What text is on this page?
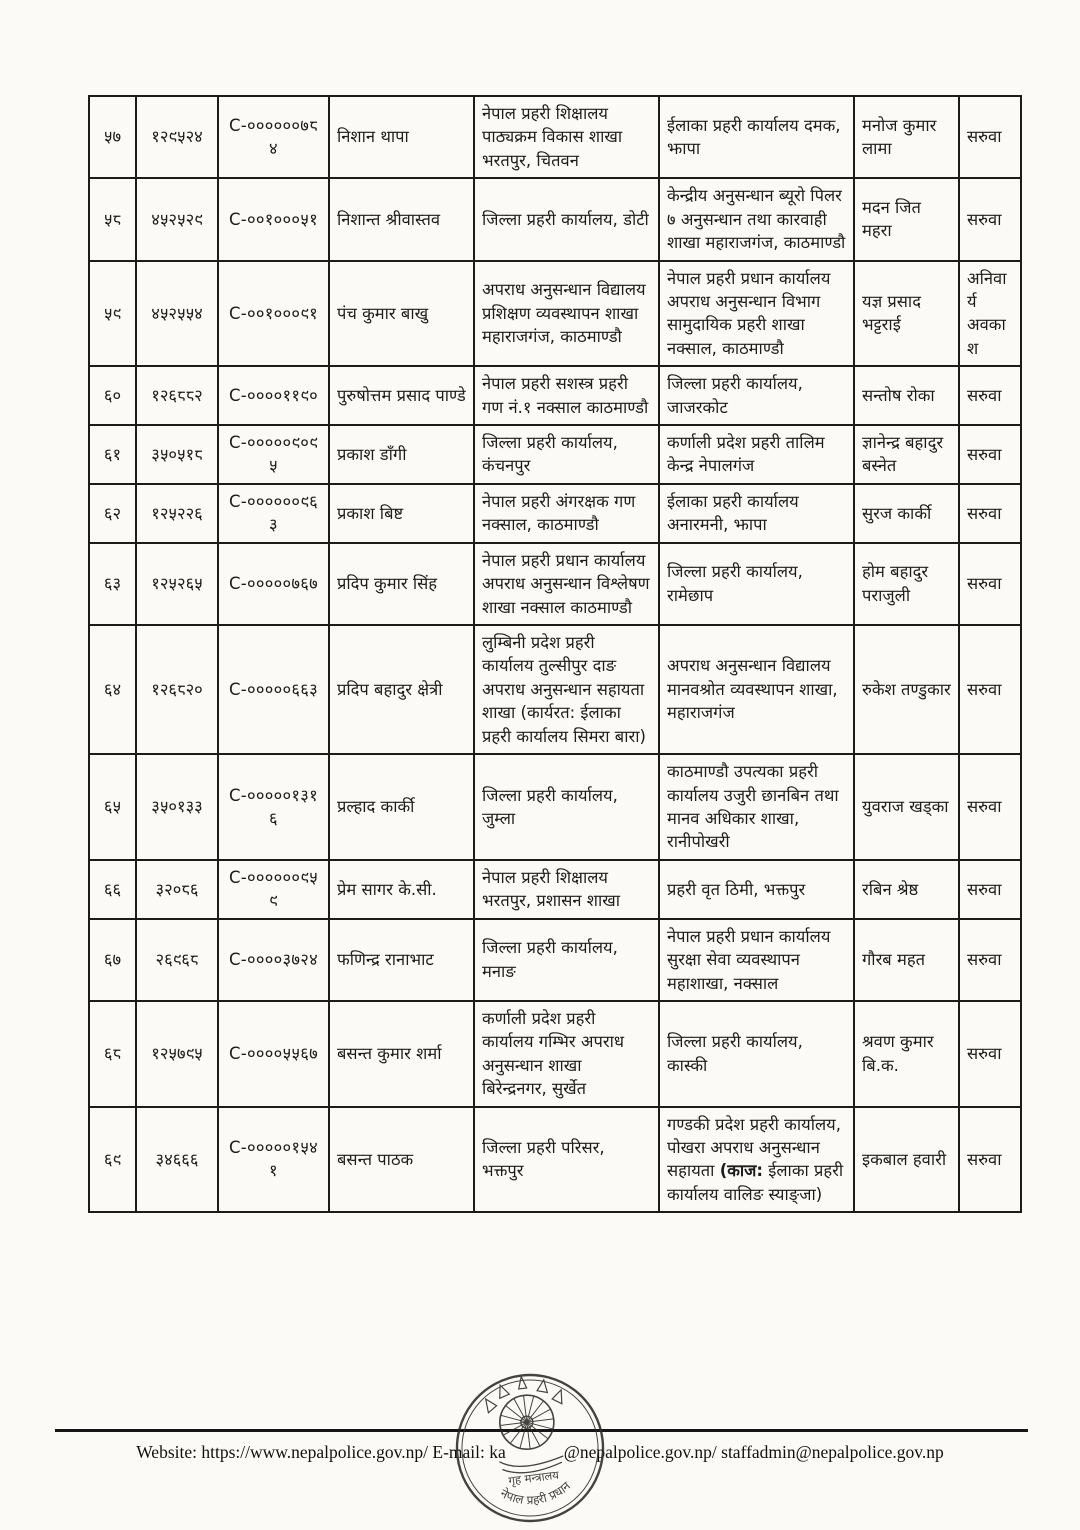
५७	१२९५२४	C-००००००७८४	निशान थापा	नेपाल प्रहरी शिक्षालय पाठ्यक्रम विकास शाखा भरतपुर, चितवन	ईलाका प्रहरी कार्यालय दमक, झापा	मनोज कुमार लामा	सरुवा
५८	४५२५२९	C-००१०००५१	निशान्त श्रीवास्तव	जिल्ला प्रहरी कार्यालय, डोटी	केन्द्रीय अनुसन्धान ब्यूरो पिलर ७ अनुसन्धान तथा कारवाही शाखा महाराजगंज, काठमाण्डौ	मदन जित महरा	सरुवा
५९	४५२५५४	C-००१०००९१	पंच कुमार बाखु	अपराध अनुसन्धान विद्यालय प्रशिक्षण व्यवस्थापन शाखा महाराजगंज, काठमाण्डौ	नेपाल प्रहरी प्रधान कार्यालय अपराध अनुसन्धान विभाग सामुदायिक प्रहरी शाखा नक्साल, काठमाण्डौ	यज्ञ प्रसाद भट्टराई	अनिवार्य अवकाश
६०	१२६८८२	C-००००११९०	पुरुषोत्तम प्रसाद पाण्डे	नेपाल प्रहरी सशस्त्र प्रहरी गण नं.१ नक्साल काठमाण्डौ	जिल्ला प्रहरी कार्यालय, जाजरकोट	सन्तोष रोका	सरुवा
६१	३५०५१८	C-०००००९०९५	प्रकाश डाँगी	जिल्ला प्रहरी कार्यालय, कंचनपुर	कर्णाली प्रदेश प्रहरी तालिम केन्द्र नेपालगंज	ज्ञानेन्द्र बहादुर बस्नेत	सरुवा
६२	१२५२२६	C-००००००९६३	प्रकाश बिष्ट	नेपाल प्रहरी अंगरक्षक गण नक्साल, काठमाण्डौ	ईलाका प्रहरी कार्यालय अनारमनी, झापा	सुरज कार्की	सरुवा
६३	१२५२६५	C-०००००७६७	प्रदिप कुमार सिंह	नेपाल प्रहरी प्रधान कार्यालय अपराध अनुसन्धान विश्लेषण शाखा नक्साल काठमाण्डौ	जिल्ला प्रहरी कार्यालय, रामेछाप	होम बहादुर पराजुली	सरुवा
६४	१२६८२०	C-०००००६६३	प्रदिप बहादुर क्षेत्री	लुम्बिनी प्रदेश प्रहरी कार्यालय तुल्सीपुर दाङ अपराध अनुसन्धान सहायता शाखा (कार्यरत: ईलाका प्रहरी कार्यालय सिमरा बारा)	अपराध अनुसन्धान विद्यालय मानवश्रोत व्यवस्थापन शाखा, महाराजगंज	रुकेश तण्डुकार	सरुवा
६५	३५०१३३	C-०००००१३१६	प्रल्हाद कार्की	जिल्ला प्रहरी कार्यालय, जुम्ला	काठमाण्डौ उपत्यका प्रहरी कार्यालय उजुरी छानबिन तथा मानव अधिकार शाखा, रानीपोखरी	युवराज खड्का	सरुवा
६६	३२०८६	C-००००००९५९	प्रेम सागर के.सी.	नेपाल प्रहरी शिक्षालय भरतपुर, प्रशासन शाखा	प्रहरी वृत ठिमी, भक्तपुर	रबिन श्रेष्ठ	सरुवा
६७	२६९६८	C-००००३७२४	फणिन्द्र रानाभाट	जिल्ला प्रहरी कार्यालय, मनाङ	नेपाल प्रहरी प्रधान कार्यालय सुरक्षा सेवा व्यवस्थापन महाशाखा, नक्साल	गौरब महत	सरुवा
६८	१२५७९५	C-००००५५६७	बसन्त कुमार शर्मा	कर्णाली प्रदेश प्रहरी कार्यालय गम्भिर अपराध अनुसन्धान शाखा बिरेन्द्रनगर, सुर्खेत	जिल्ला प्रहरी कार्यालय, कास्की	श्रवण कुमार बि.क.	सरुवा
६९	३४६६६	C-०००००१५४१	बसन्त पाठक	जिल्ला प्रहरी परिसर, भक्तपुर	गण्डकी प्रदेश प्रहरी कार्यालय, पोखरा अपराध अनुसन्धान सहायता (काज: ईलाका प्रहरी कार्यालय वालिङ स्याङ्जा)	इकबाल हवारी	सरुवा
Website: https://www.nepalpolice.gov.np/ E-mail: ka	@nepalpolice.gov.np/ staffadmin@nepalpolice.gov.np
गृह मन्त्रालय
नेपाल प्रहरी प्रधान
